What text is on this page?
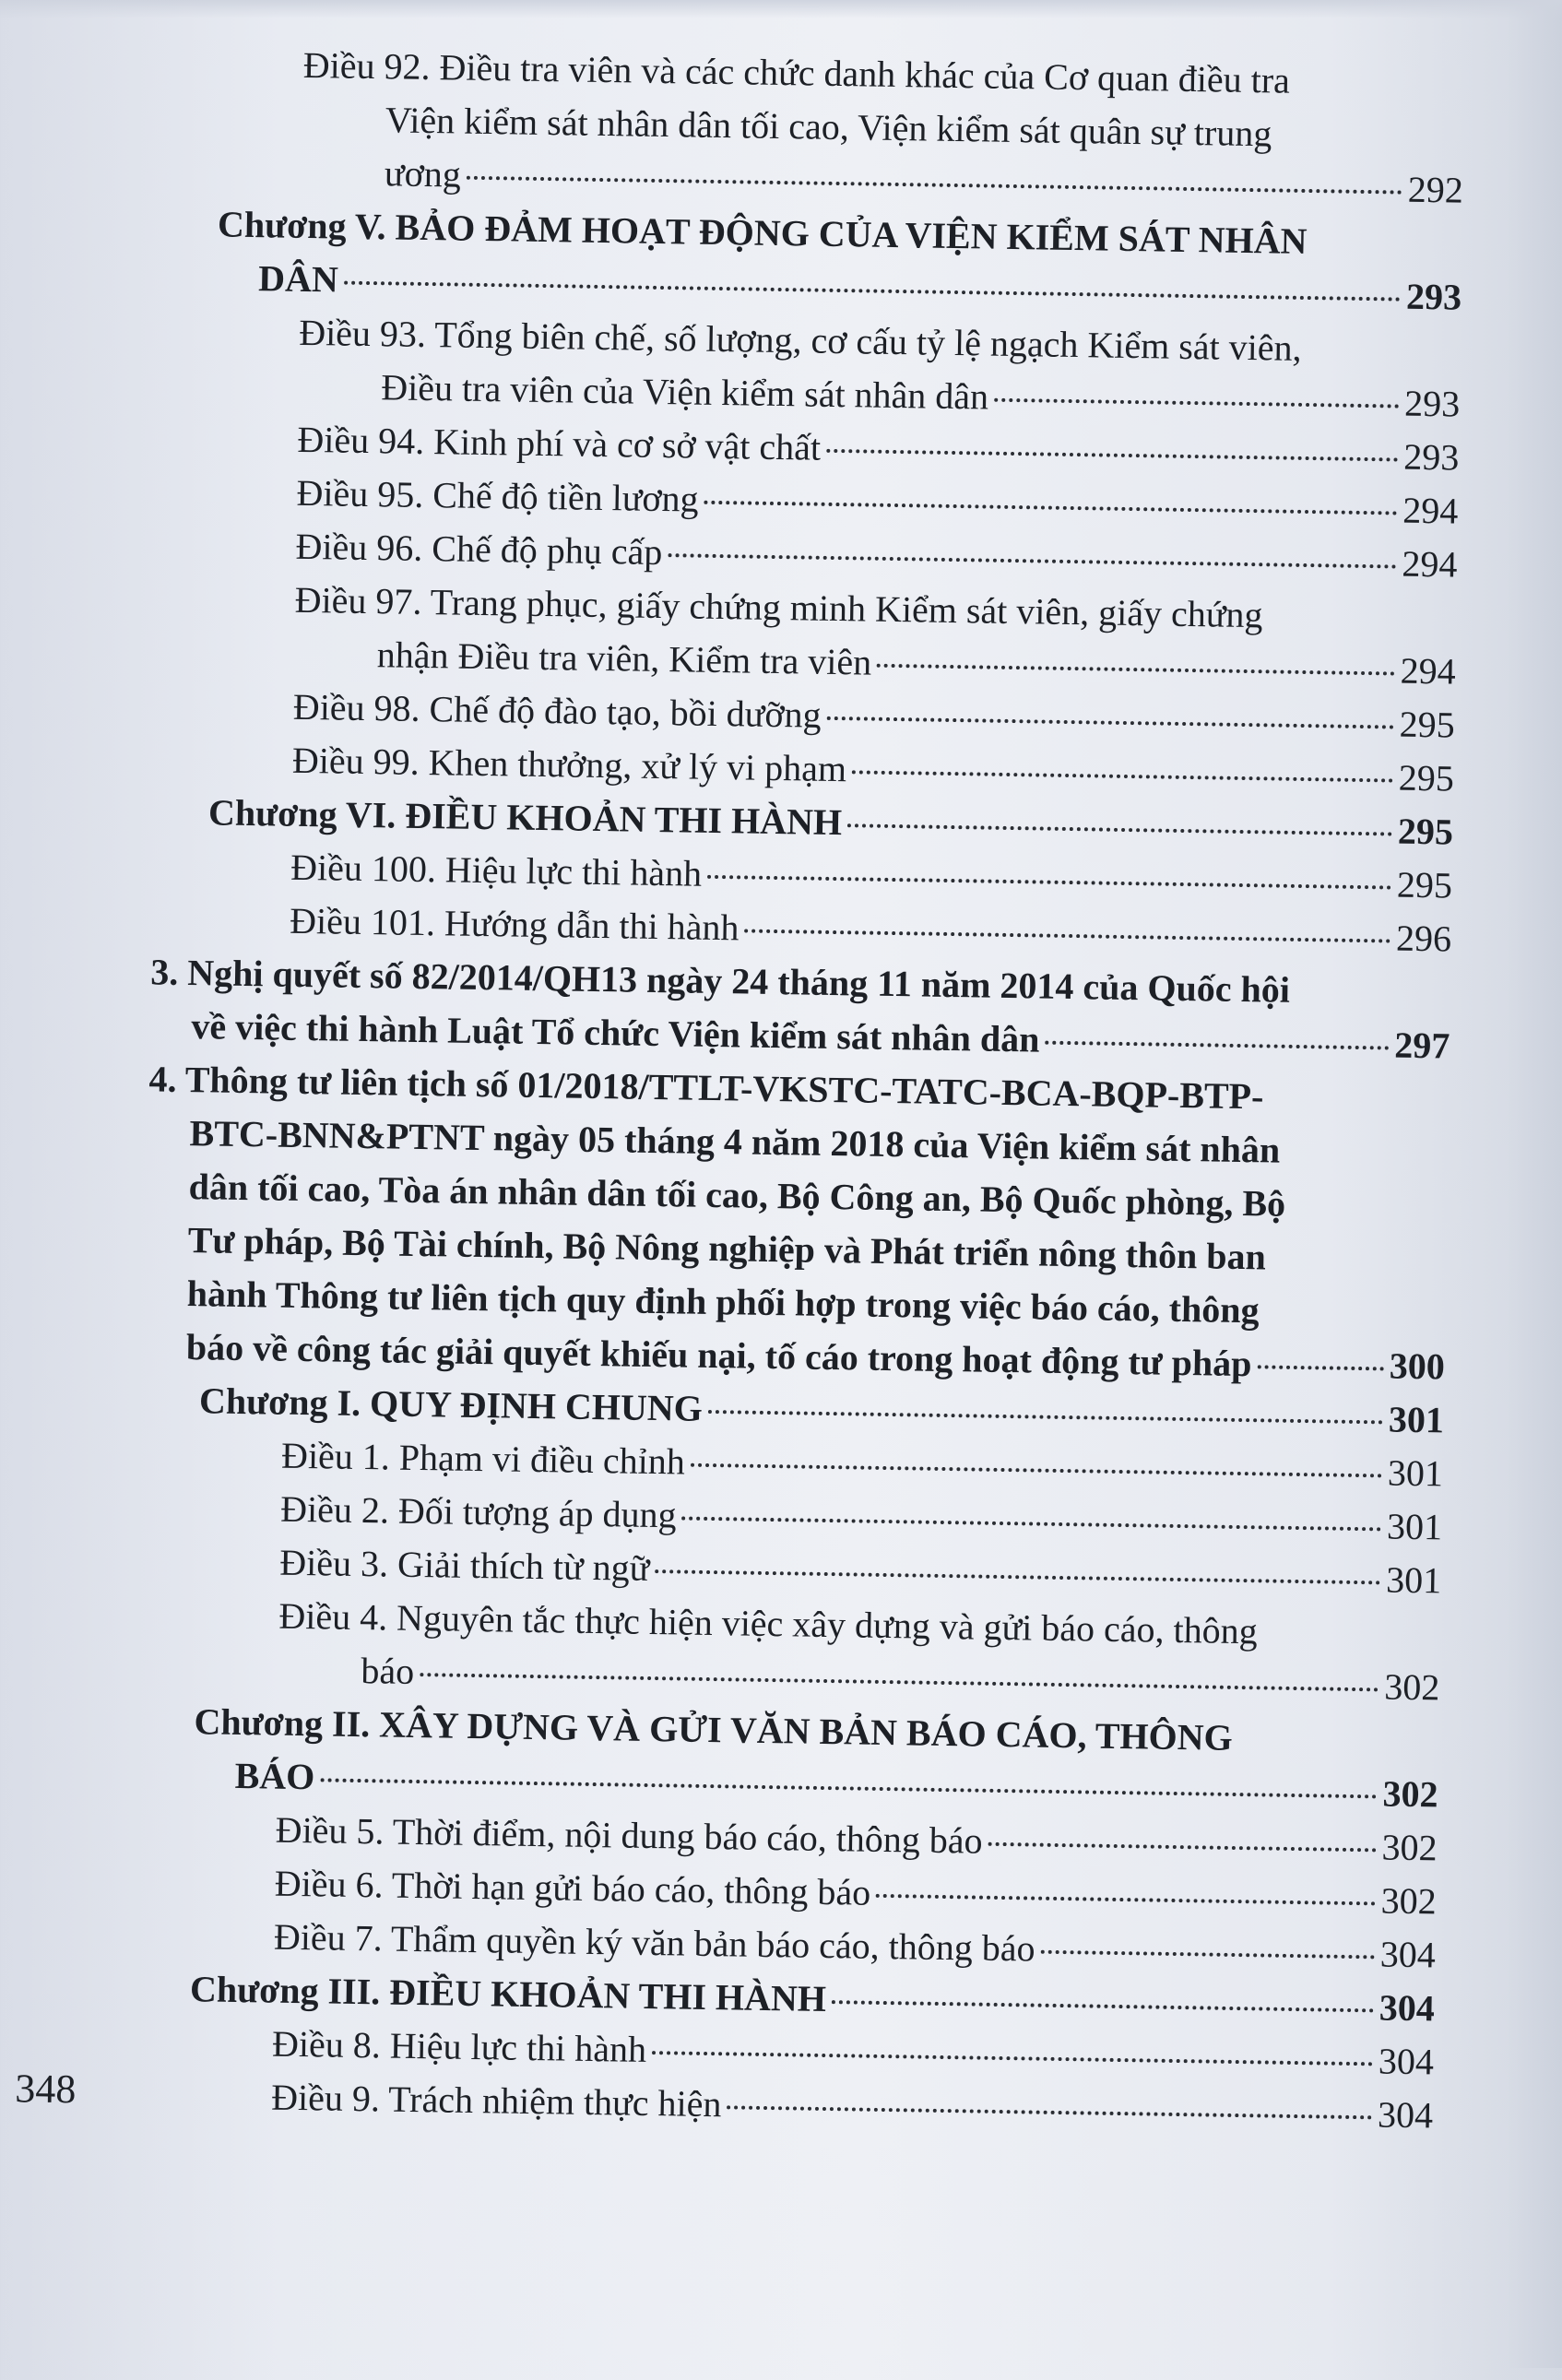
Điều 92. Điều tra viên và các chức danh khác của Cơ quan điều tra
Viện kiểm sát nhân dân tối cao, Viện kiểm sát quân sự trung
ương	292
Chương V. BẢO ĐẢM HOẠT ĐỘNG CỦA VIỆN KIỂM SÁT NHÂN
DÂN	293
Điều 93. Tổng biên chế, số lượng, cơ cấu tỷ lệ ngạch Kiểm sát viên,
Điều tra viên của Viện kiểm sát nhân dân	293
Điều 94. Kinh phí và cơ sở vật chất	293
Điều 95. Chế độ tiền lương	294
Điều 96. Chế độ phụ cấp	294
Điều 97. Trang phục, giấy chứng minh Kiểm sát viên, giấy chứng
nhận Điều tra viên, Kiểm tra viên	294
Điều 98. Chế độ đào tạo, bồi dưỡng	295
Điều 99. Khen thưởng, xử lý vi phạm	295
Chương VI. ĐIỀU KHOẢN THI HÀNH	295
Điều 100. Hiệu lực thi hành	295
Điều 101. Hướng dẫn thi hành	296
3. Nghị quyết số 82/2014/QH13 ngày 24 tháng 11 năm 2014 của Quốc hội
về việc thi hành Luật Tổ chức Viện kiểm sát nhân dân	297
4. Thông tư liên tịch số 01/2018/TTLT-VKSTC-TATC-BCA-BQP-BTP-
BTC-BNN&PTNT ngày 05 tháng 4 năm 2018 của Viện kiểm sát nhân
dân tối cao, Tòa án nhân dân tối cao, Bộ Công an, Bộ Quốc phòng, Bộ
Tư pháp, Bộ Tài chính, Bộ Nông nghiệp và Phát triển nông thôn ban
hành Thông tư liên tịch quy định phối hợp trong việc báo cáo, thông
báo về công tác giải quyết khiếu nại, tố cáo trong hoạt động tư pháp	300
Chương I. QUY ĐỊNH CHUNG	301
Điều 1. Phạm vi điều chỉnh	301
Điều 2. Đối tượng áp dụng	301
Điều 3. Giải thích từ ngữ	301
Điều 4. Nguyên tắc thực hiện việc xây dựng và gửi báo cáo, thông
báo	302
Chương II. XÂY DỰNG VÀ GỬI VĂN BẢN BÁO CÁO, THÔNG
BÁO	302
Điều 5. Thời điểm, nội dung báo cáo, thông báo	302
Điều 6. Thời hạn gửi báo cáo, thông báo	302
Điều 7. Thẩm quyền ký văn bản báo cáo, thông báo	304
Chương III. ĐIỀU KHOẢN THI HÀNH	304
Điều 8. Hiệu lực thi hành	304
Điều 9. Trách nhiệm thực hiện	304
348
